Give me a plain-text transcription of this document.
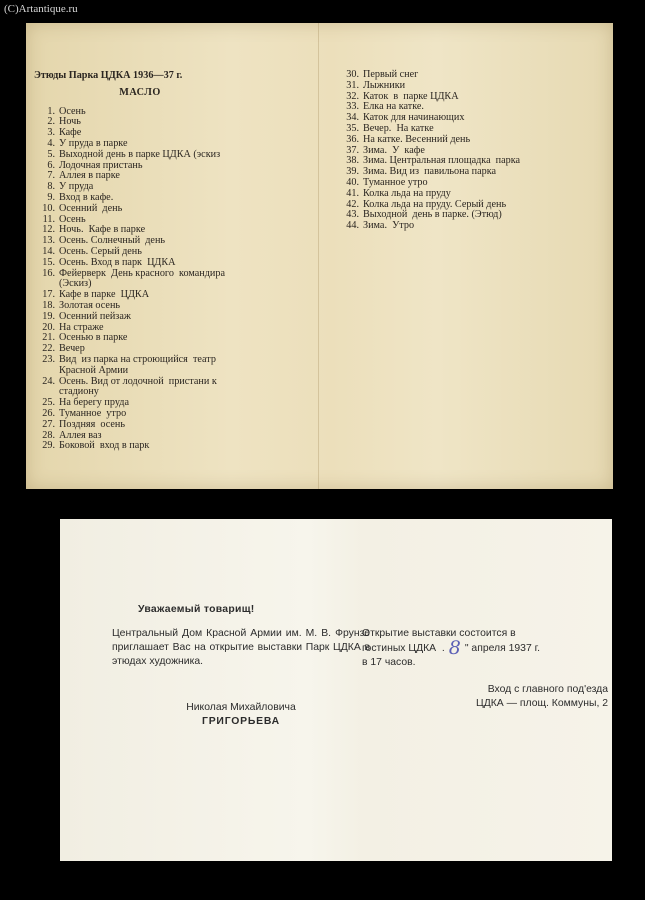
(C)Artantique.ru
Этюды Парка ЦДКА 1936—37 г.
МАСЛО
1. Осень
2. Ночь
3. Кафе
4. У пруда в парке
5. Выходной день в парке ЦДКА (эскиз
6. Лодочная пристань
7. Аллея в парке
8. У пруда
9. Вход в кафе.
10. Осенний  день
11. Осень
12. Ночь.  Кафе в парке
13. Осень. Солнечный  день
14. Осень. Серый день
15. Осень. Вход в парк  ЦДКА
16. Фейерверк  День красного  командира
(Эскиз)
17. Кафе в парке  ЦДКА
18. Золотая осень
19. Осенний пейзаж
20. На страже
21. Осенью в парке
22. Вечер
23. Вид  из парка на строющийся  театр
Красной Армии
24. Осень. Вид от лодочной  пристани к
стадиону
25. На берегу пруда
26. Туманное  утро
27. Поздняя  осень
28. Аллея ваз
29. Боковой  вход в парк
30. Первый снег
31. Лыжники
32. Каток  в  парке ЦДКА
33. Елка на катке.
34. Каток для начинающих
35. Вечер.  На катке
36. На катке. Весенний день
37. Зима.  У  кафе
38. Зима. Центральная площадка  парка
39. Зима. Вид из  павильона парка
40. Туманное утро
41. Колка льда на пруду
42. Колка льда на пруду. Серый день
43. Выходной  день в парке. (Этюд)
44. Зима.  Утро
Уважаемый товарищ!
Центральный Дом Красной Армии им. М. В. Фрунзе приглашает Вас на открытие выставки Парк ЦДКА в этюдах художника.
Николая Михайловича
ГРИГОРЬЕВА
Открытие выставки состоится в
гостиных ЦДКА  . 8 " апреля 1937 г.
в 17 часов.
Вход с главного под'езда
ЦДКА — площ. Коммуны, 2
